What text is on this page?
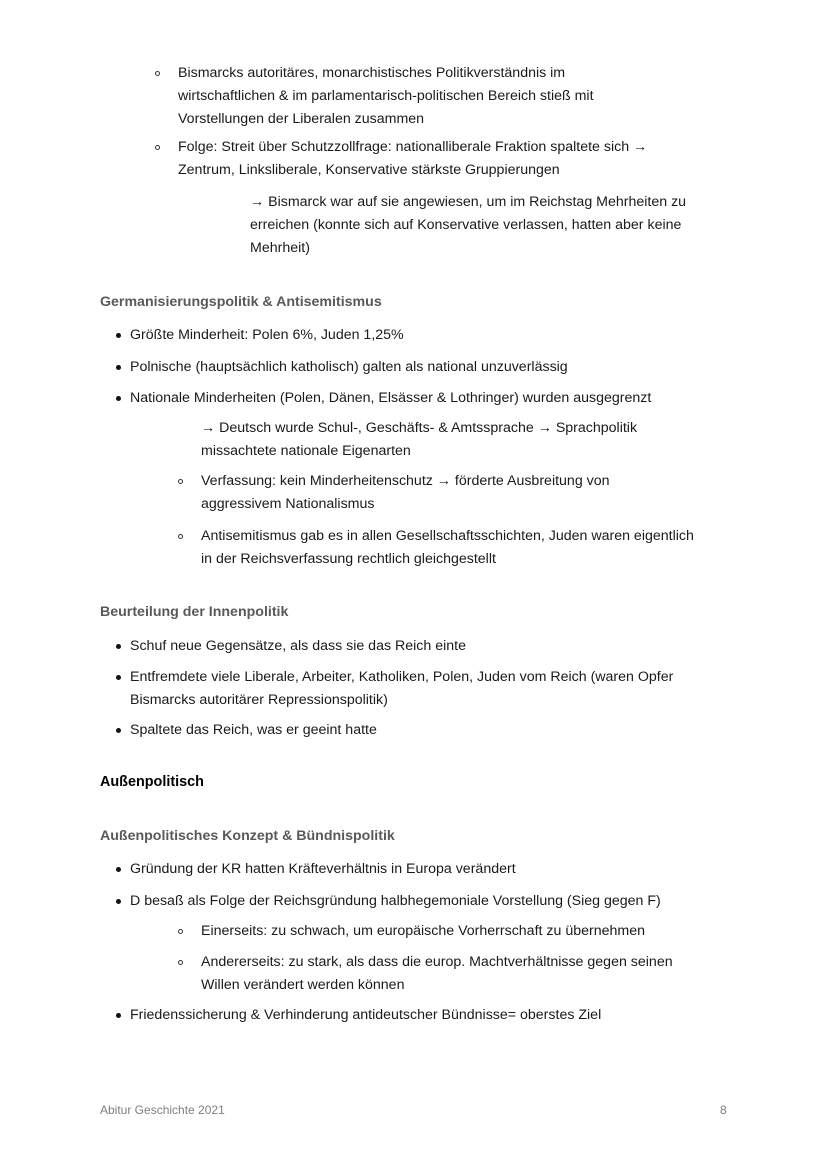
Bismarcks autoritäres, monarchistisches Politikverständnis im
wirtschaftlichen & im parlamentarisch-politischen Bereich stieß mit
Vorstellungen der Liberalen zusammen
Folge: Streit über Schutzzollfrage: nationalliberale Fraktion spaltete sich →
Zentrum, Linksliberale, Konservative stärkste Gruppierungen
→ Bismarck war auf sie angewiesen, um im Reichstag Mehrheiten zu
erreichen (konnte sich auf Konservative verlassen, hatten aber keine
Mehrheit)
Germanisierungspolitik & Antisemitismus
Größte Minderheit: Polen 6%, Juden 1,25%
Polnische (hauptsächlich katholisch) galten als national unzuverlässig
Nationale Minderheiten (Polen, Dänen, Elsässer & Lothringer) wurden ausgegrenzt
→ Deutsch wurde Schul-, Geschäfts- & Amtssprache → Sprachpolitik
missachtete nationale Eigenarten
Verfassung: kein Minderheitenschutz → förderte Ausbreitung von
aggressivem Nationalismus
Antisemitismus gab es in allen Gesellschaftsschichten, Juden waren eigentlich
in der Reichsverfassung rechtlich gleichgestellt
Beurteilung der Innenpolitik
Schuf neue Gegensätze, als dass sie das Reich einte
Entfremdete viele Liberale, Arbeiter, Katholiken, Polen, Juden vom Reich (waren Opfer
Bismarcks autoritärer Repressionspolitik)
Spaltete das Reich, was er geeint hatte
Außenpolitisch
Außenpolitisches Konzept & Bündnispolitik
Gründung der KR hatten Kräfteverhältnis in Europa verändert
D besaß als Folge der Reichsgründung halbhegemoniale Vorstellung (Sieg gegen F)
Einerseits: zu schwach, um europäische Vorherrschaft zu übernehmen
Andererseits: zu stark, als dass die europ. Machtverhältnisse gegen seinen
Willen verändert werden können
Friedenssicherung & Verhinderung antideutscher Bündnisse= oberstes Ziel
Abitur Geschichte 2021	8
